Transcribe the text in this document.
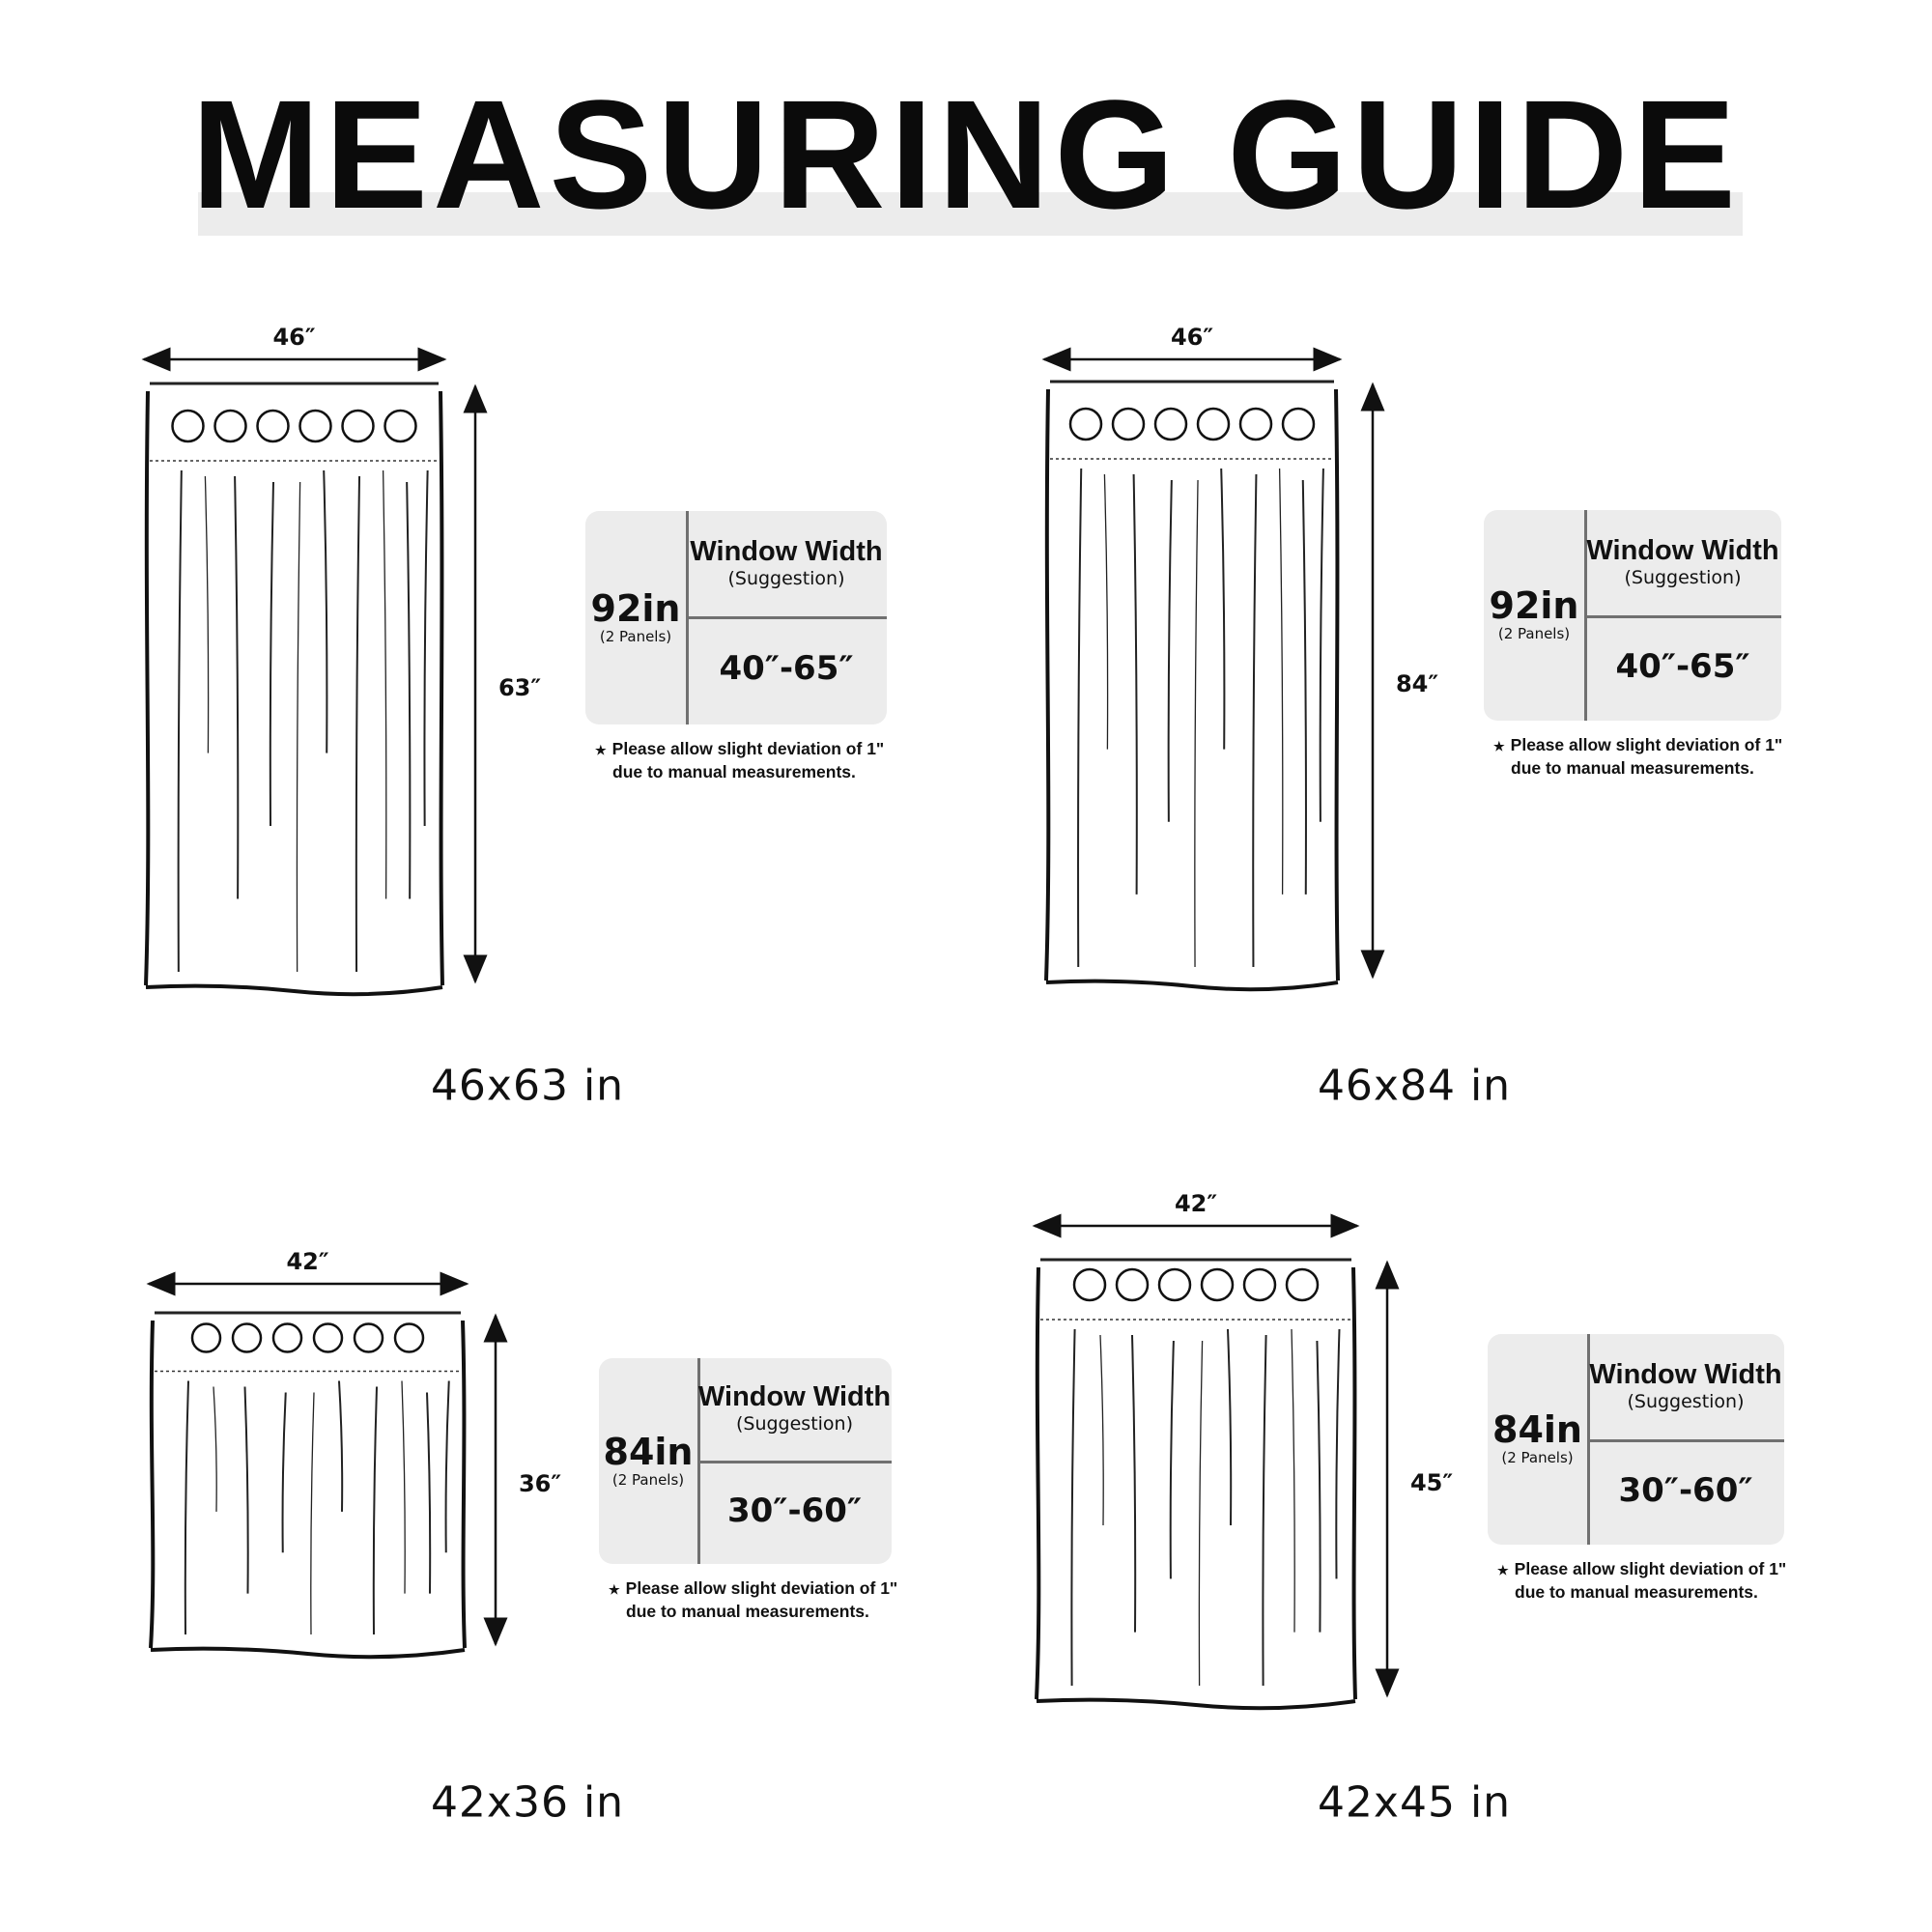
MEASURING GUIDE
46″
63″
92in
(2 Panels)
Window Width
(Suggestion)
40″-65″
★ Please allow slight deviation of 1"
due to manual measurements.
46x63 in
46″
84″
92in
(2 Panels)
Window Width
(Suggestion)
40″-65″
★ Please allow slight deviation of 1"
due to manual measurements.
46x84 in
42″
36″
84in
(2 Panels)
Window Width
(Suggestion)
30″-60″
★ Please allow slight deviation of 1"
due to manual measurements.
42x36 in
42″
45″
84in
(2 Panels)
Window Width
(Suggestion)
30″-60″
★ Please allow slight deviation of 1"
due to manual measurements.
42x45 in
